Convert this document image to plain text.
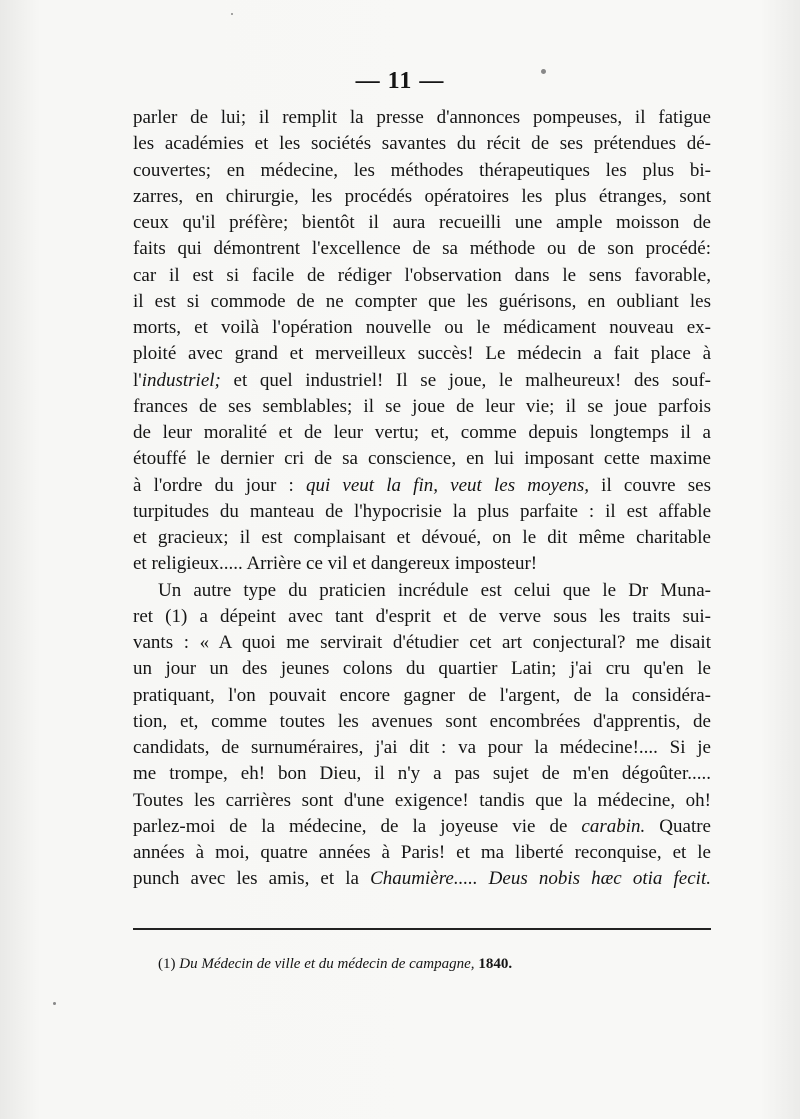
— 11 —
parler de lui; il remplit la presse d'annonces pompeuses, il fatigue
les académies et les sociétés savantes du récit de ses prétendues dé-
couvertes; en médecine, les méthodes thérapeutiques les plus bi-
zarres, en chirurgie, les procédés opératoires les plus étranges, sont
ceux qu'il préfère; bientôt il aura recueilli une ample moisson de
faits qui démontrent l'excellence de sa méthode ou de son procédé:
car il est si facile de rédiger l'observation dans le sens favorable,
il est si commode de ne compter que les guérisons, en oubliant les
morts, et voilà l'opération nouvelle ou le médicament nouveau ex-
ploité avec grand et merveilleux succès! Le médecin a fait place à
l'industriel; et quel industriel! Il se joue, le malheureux! des souf-
frances de ses semblables; il se joue de leur vie; il se joue parfois
de leur moralité et de leur vertu; et, comme depuis longtemps il a
étouffé le dernier cri de sa conscience, en lui imposant cette maxime
à l'ordre du jour : qui veut la fin, veut les moyens, il couvre ses
turpitudes du manteau de l'hypocrisie la plus parfaite : il est affable
et gracieux; il est complaisant et dévoué, on le dit même charitable
et religieux..... Arrière ce vil et dangereux imposteur!
Un autre type du praticien incrédule est celui que le Dr Muna-
ret (1) a dépeint avec tant d'esprit et de verve sous les traits sui-
vants : « A quoi me servirait d'étudier cet art conjectural? me disait
un jour un des jeunes colons du quartier Latin; j'ai cru qu'en le
pratiquant, l'on pouvait encore gagner de l'argent, de la considéra-
tion, et, comme toutes les avenues sont encombrées d'apprentis, de
candidats, de surnuméraires, j'ai dit : va pour la médecine!.... Si je
me trompe, eh! bon Dieu, il n'y a pas sujet de m'en dégoûter.....
Toutes les carrières sont d'une exigence! tandis que la médecine, oh!
parlez-moi de la médecine, de la joyeuse vie de carabin. Quatre
années à moi, quatre années à Paris! et ma liberté reconquise, et le
punch avec les amis, et la Chaumière..... Deus nobis hæc otia fecit.
(1) Du Médecin de ville et du médecin de campagne, 1840.
